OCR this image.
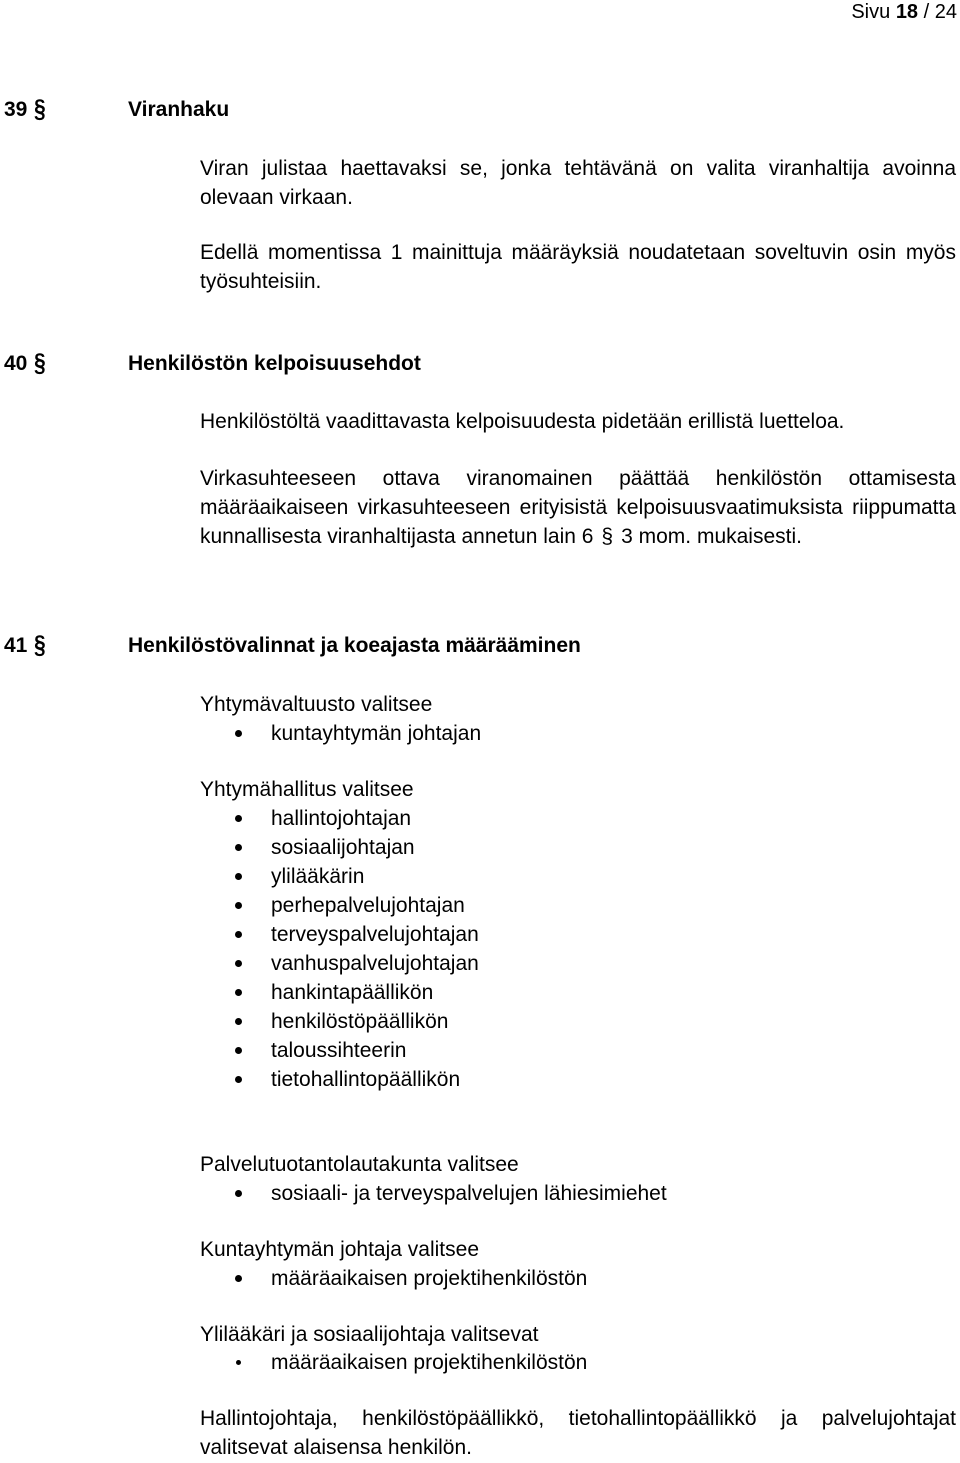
Sivu 18 / 24
39 §	Viranhaku
Viran julistaa haettavaksi se, jonka tehtävänä on valita viranhaltija avoinna olevaan virkaan.
Edellä momentissa 1 mainittuja määräyksiä noudatetaan soveltuvin osin myös työsuhteisiin.
40 §	Henkilöstön kelpoisuusehdot
Henkilöstöltä vaadittavasta kelpoisuudesta pidetään erillistä luetteloa.
Virkasuhteeseen ottava viranomainen päättää henkilöstön ottamisesta määräaikaiseen virkasuhteeseen erityisistä kelpoisuusvaatimuksista riippumatta kunnallisesta viranhaltijasta annetun lain 6 § 3 mom. mukaisesti.
41 §	Henkilöstövalinnat ja koeajasta määrääminen
Yhtymävaltuusto valitsee
kuntayhtymän johtajan
Yhtymähallitus valitsee
hallintojohtajan
sosiaalijohtajan
ylilääkärin
perhepalvelujohtajan
terveyspalvelujohtajan
vanhuspalvelujohtajan
hankintapäällikön
henkilöstöpäällikön
taloussihteerin
tietohallintopäällikön
Palvelutuotantolautakunta valitsee
sosiaali- ja terveyspalvelujen lähiesimiehet
Kuntayhtymän johtaja valitsee
määräaikaisen projektihenkilöstön
Ylilääkäri ja sosiaalijohtaja valitsevat
määräaikaisen projektihenkilöstön
Hallintojohtaja, henkilöstöpäällikkö, tietohallintopäällikkö ja palvelujohtajat valitsevat alaisensa henkilön.
